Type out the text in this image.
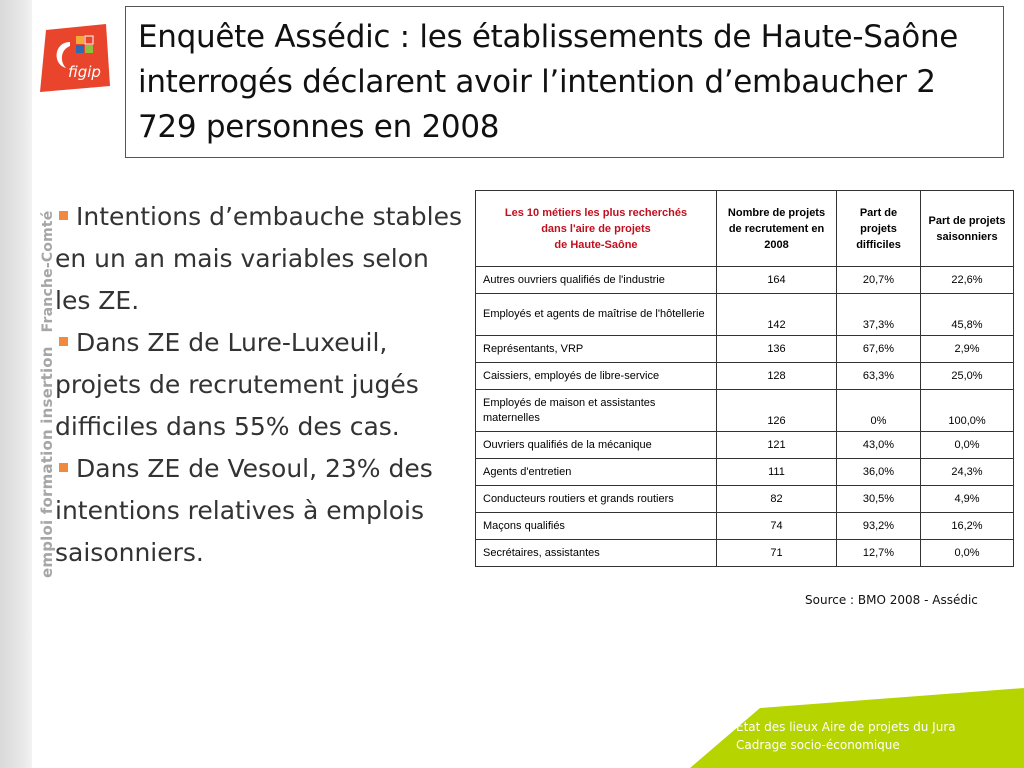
emploi formation insertionFranche-Comté
figip
Enquête Assédic : les établissements de Haute-Saône interrogés déclarent avoir l’intention d’embaucher 2 729 personnes en 2008

Intentions d’embauche stables en un an mais variables selon les ZE.

Dans ZE de Lure-Luxeuil, projets de recrutement jugés difficiles dans 55% des cas.

Dans ZE de Vesoul, 23% des intentions relatives à emplois saisonniers.

Les 10 métiers les plus recherchés
dans l'aire de projets
de Haute-Saône	Nombre de projets de recrutement en 2008	Part de projets difficiles	Part de projets saisonniers
Autres ouvriers qualifiés de l'industrie	164	20,7%	22,6%
Employés et agents de maîtrise de l'hôtellerie	142	37,3%	45,8%
Représentants, VRP	136	67,6%	2,9%
Caissiers, employés de libre-service	128	63,3%	25,0%
Employés de maison et assistantes maternelles	126	0%	100,0%
Ouvriers qualifiés de la mécanique	121	43,0%	0,0%
Agents d'entretien	111	36,0%	24,3%
Conducteurs routiers et grands routiers	82	30,5%	4,9%
Maçons qualifiés	74	93,2%	16,2%
Secrétaires, assistantes	71	12,7%	0,0%
Source : BMO 2008 - Assédic
Etat des lieux Aire de projets du Jura
Cadrage socio-économique
